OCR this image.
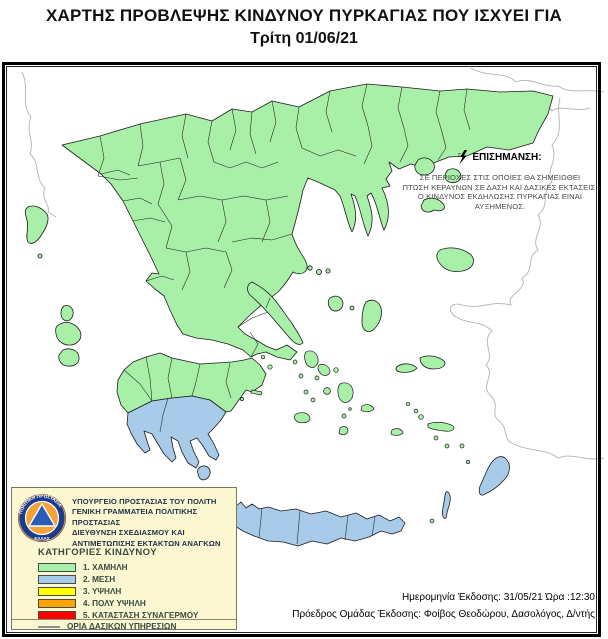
ΧΑΡΤΗΣ ΠΡΟΒΛΕΨΗΣ ΚΙΝΔΥΝΟΥ ΠΥΡΚΑΓΙΑΣ ΠΟΥ ΙΣΧΥΕΙ ΓΙΑ
Τρίτη 01/06/21
ΕΠΙΣΗΜΑΝΣΗ:
ΣΕ ΠΕΡΙΟΧΕΣ ΣΤΙΣ ΟΠΟΙΕΣ ΘΑ ΣΗΜΕΙΩΘΕΙ
ΠΤΩΣΗ ΚΕΡΑΥΝΩΝ ΣΕ ΔΑΣΗ ΚΑΙ ΔΑΣΙΚΕΣ ΕΚΤΑΣΕΙΣ,
Ο ΚΙΝΔΥΝΟΣ ΕΚΔΗΛΩΣΗΣ ΠΥΡΚΑΓΙΑΣ ΕΙΝΑΙ ΑΥΞΗΜΕΝΟΣ.
ΠΟΛΙΤΙΚΗ ΠΡΟΣΤΑΣΙΑ
ΕΛΛΑΣ
ΥΠΟΥΡΓΕΙΟ ΠΡΟΣΤΑΣΙΑΣ ΤΟΥ ΠΟΛΙΤΗ
ΓΕΝΙΚΗ ΓΡΑΜΜΑΤΕΙΑ ΠΟΛΙΤΙΚΗΣ ΠΡΟΣΤΑΣΙΑΣ
ΔΙΕΥΘΥΝΣΗ ΣΧΕΔΙΑΣΜΟΥ ΚΑΙ
ΑΝΤΙΜΕΤΩΠΙΣΗΣ ΕΚΤΑΚΤΩΝ ΑΝΑΓΚΩΝ
ΚΑΤΗΓΟΡΙΕΣ ΚΙΝΔΥΝΟΥ
1. ΧΑΜΗΛΗ
2. ΜΕΣΗ
3. ΥΨΗΛΗ
4. ΠΟΛΥ ΥΨΗΛΗ
5. ΚΑΤΑΣΤΑΣΗ ΣΥΝΑΓΕΡΜΟΥ
ΟΡΙΑ ΔΑΣΙΚΩΝ ΥΠΗΡΕΣΙΩΝ
Ημερομηνία Έκδοσης: 31/05/21 Ώρα :12:30
Πρόεδρος Ομάδας Έκδοσης: Φοίβος Θεοδώρου, Δασολόγος, Δ/ντής
